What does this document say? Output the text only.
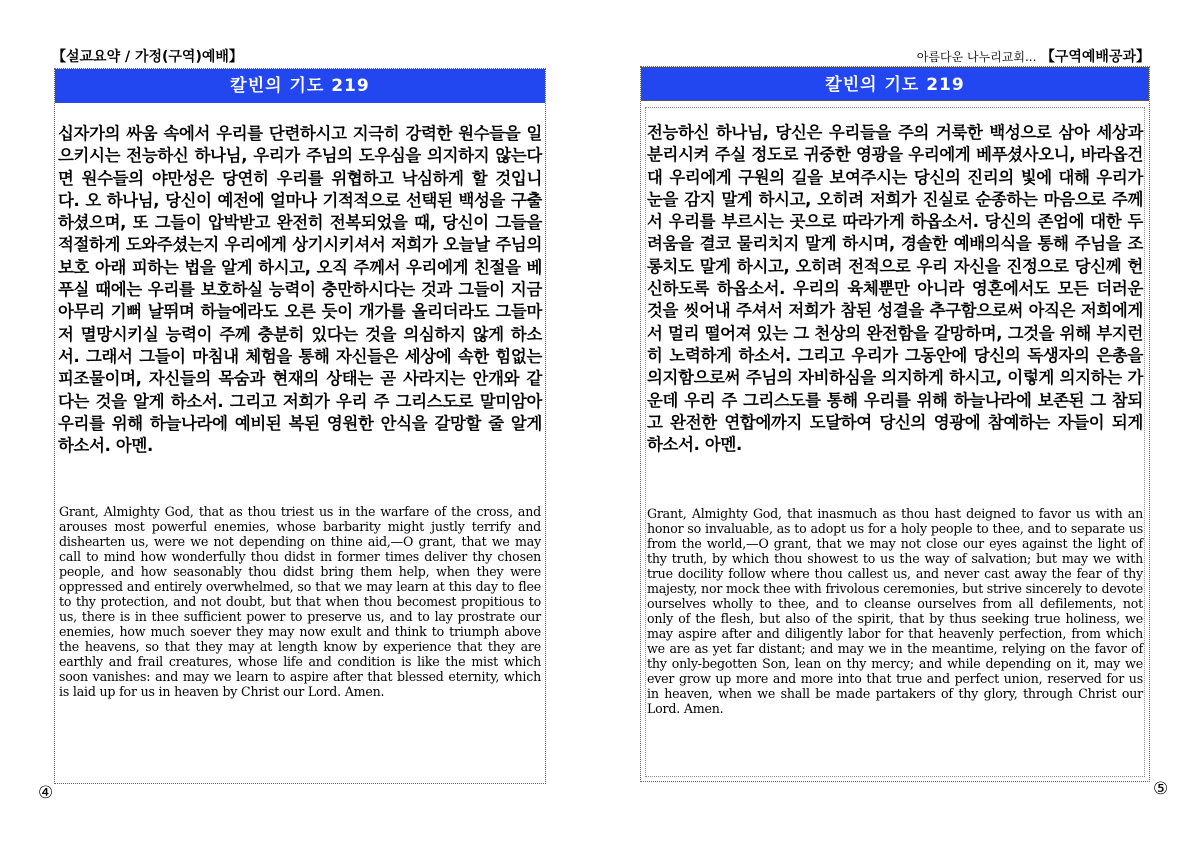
【설교요약 / 가정(구역)예배】	아름다운 나누리교회... 【구역예배공과】
칼빈의 기도 219
십자가의 싸움 속에서 우리를 단련하시고 지극히 강력한 원수들을 일으키시는 전능하신 하나님, 우리가 주님의 도우심을 의지하지 않는다면 원수들의 야만성은 당연히 우리를 위협하고 낙심하게 할 것입니다. 오 하나님, 당신이 예전에 얼마나 기적적으로 선택된 백성을 구출하셨으며, 또 그들이 압박받고 완전히 전복되었을 때, 당신이 그들을 적절하게 도와주셨는지 우리에게 상기시키셔서 저희가 오늘날 주님의 보호 아래 피하는 법을 알게 하시고, 오직 주께서 우리에게 친절을 베푸실 때에는 우리를 보호하실 능력이 충만하시다는 것과 그들이 지금 아무리 기뻐 날뛰며 하늘에라도 오른 듯이 개가를 올리더라도 그들마저 멸망시키실 능력이 주께 충분히 있다는 것을 의심하지 않게 하소서. 그래서 그들이 마침내 체험을 통해 자신들은 세상에 속한 힘없는 피조물이며, 자신들의 목숨과 현재의 상태는 곧 사라지는 안개와 같다는 것을 알게 하소서. 그리고 저희가 우리 주 그리스도로 말미암아 우리를 위해 하늘나라에 예비된 복된 영원한 안식을 갈망할 줄 알게 하소서. 아멘.
Grant, Almighty God, that as thou triest us in the warfare of the cross, and arouses most powerful enemies, whose barbarity might justly terrify and dishearten us, were we not depending on thine aid,—O grant, that we may call to mind how wonderfully thou didst in former times deliver thy chosen people, and how seasonably thou didst bring them help, when they were oppressed and entirely overwhelmed, so that we may learn at this day to flee to thy protection, and not doubt, but that when thou becomest propitious to us, there is in thee sufficient power to preserve us, and to lay prostrate our enemies, how much soever they may now exult and think to triumph above the heavens, so that they may at length know by experience that they are earthly and frail creatures, whose life and condition is like the mist which soon vanishes: and may we learn to aspire after that blessed eternity, which is laid up for us in heaven by Christ our Lord. Amen.
④
칼빈의 기도 219
전능하신 하나님, 당신은 우리들을 주의 거룩한 백성으로 삼아 세상과 분리시켜 주실 정도로 귀중한 영광을 우리에게 베푸셨사오니, 바라옵건대 우리에게 구원의 길을 보여주시는 당신의 진리의 빛에 대해 우리가 눈을 감지 말게 하시고, 오히려 저희가 진실로 순종하는 마음으로 주께서 우리를 부르시는 곳으로 따라가게 하옵소서. 당신의 존엄에 대한 두려움을 결코 물리치지 말게 하시며, 경솔한 예배의식을 통해 주님을 조롱치도 말게 하시고, 오히려 전적으로 우리 자신을 진정으로 당신께 헌신하도록 하옵소서. 우리의 육체뿐만 아니라 영혼에서도 모든 더러운 것을 씻어내 주셔서 저희가 참된 성결을 추구함으로써 아직은 저희에게서 멀리 떨어져 있는 그 천상의 완전함을 갈망하며, 그것을 위해 부지런히 노력하게 하소서. 그리고 우리가 그동안에 당신의 독생자의 은총을 의지함으로써 주님의 자비하심을 의지하게 하시고, 이렇게 의지하는 가운데 우리 주 그리스도를 통해 우리를 위해 하늘나라에 보존된 그 참되고 완전한 연합에까지 도달하여 당신의 영광에 참예하는 자들이 되게 하소서. 아멘.
Grant, Almighty God, that inasmuch as thou hast deigned to favor us with an honor so invaluable, as to adopt us for a holy people to thee, and to separate us from the world,—O grant, that we may not close our eyes against the light of thy truth, by which thou showest to us the way of salvation; but may we with true docility follow where thou callest us, and never cast away the fear of thy majesty, nor mock thee with frivolous ceremonies, but strive sincerely to devote ourselves wholly to thee, and to cleanse ourselves from all defilements, not only of the flesh, but also of the spirit, that by thus seeking true holiness, we may aspire after and diligently labor for that heavenly perfection, from which we are as yet far distant; and may we in the meantime, relying on the favor of thy only-begotten Son, lean on thy mercy; and while depending on it, may we ever grow up more and more into that true and perfect union, reserved for us in heaven, when we shall be made partakers of thy glory, through Christ our Lord. Amen.
⑤
